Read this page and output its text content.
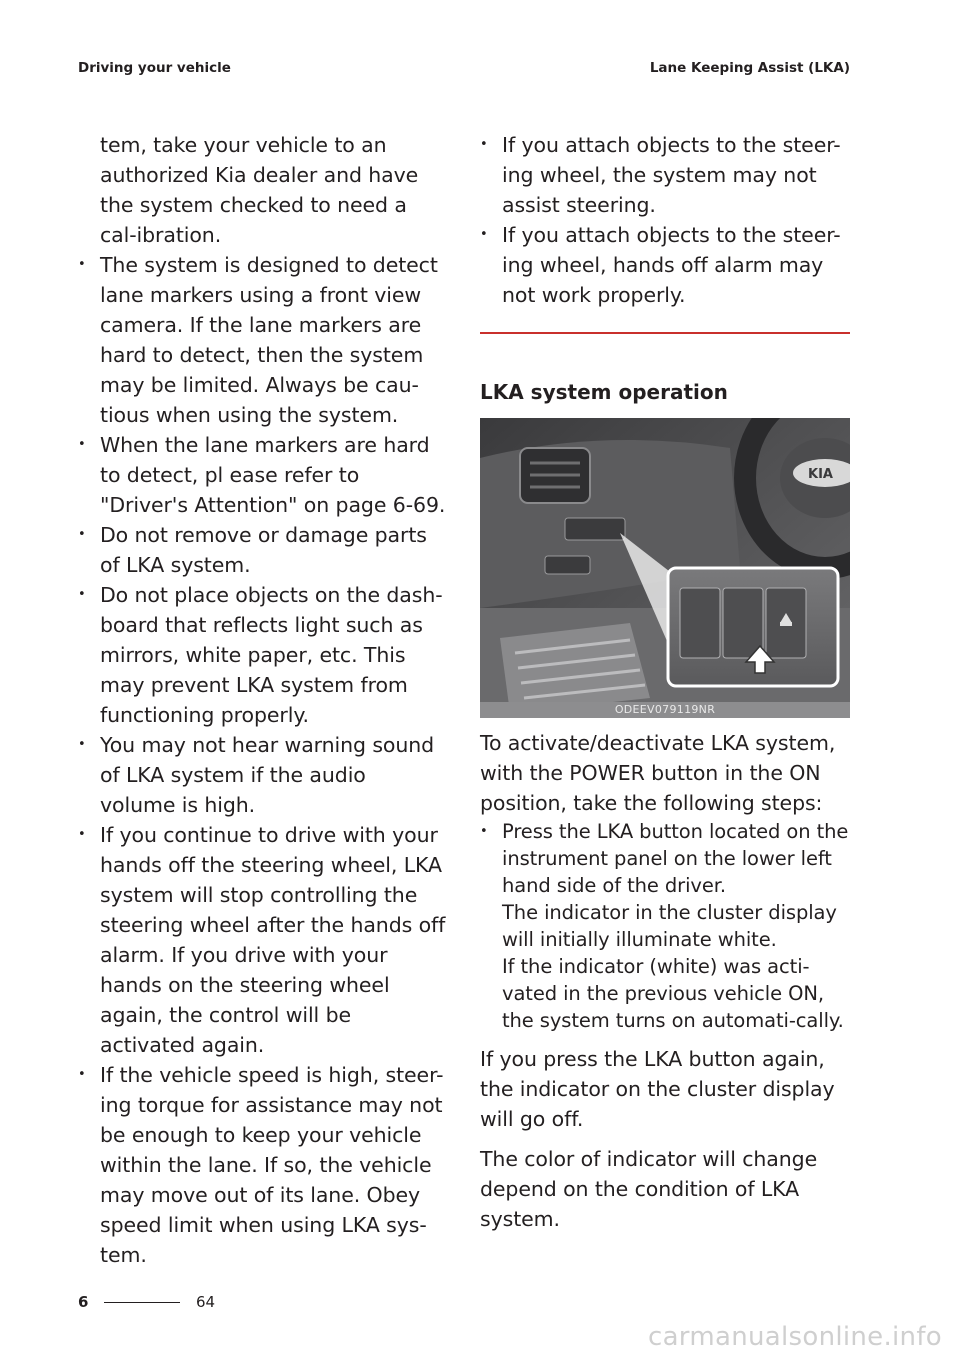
Driving your vehicle	Lane Keeping Assist (LKA)

tem, take your vehicle to an authorized Kia dealer and have the system checked to need a cal-ibration.

• The system is designed to detect lane markers using a front view camera. If the lane markers are hard to detect, then the system may be limited. Always be cau-tious when using the system.
• When the lane markers are hard to detect, pl ease refer to "Driver's Attention" on page 6-69.
• Do not remove or damage parts of LKA system.
• Do not place objects on the dash-board that reflects light such as mirrors, white paper, etc. This may prevent LKA system from functioning properly.
• You may not hear warning sound of LKA system if the audio volume is high.
• If you continue to drive with your hands off the steering wheel, LKA system will stop controlling the steering wheel after the hands off alarm. If you drive with your hands on the steering wheel again, the control will be activated again.
• If the vehicle speed is high, steer-ing torque for assistance may not be enough to keep your vehicle within the lane. If so, the vehicle may move out of its lane. Obey speed limit when using LKA sys-tem.
• If you attach objects to the steer-ing wheel, the system may not assist steering.
• If you attach objects to the steer-ing wheel, hands off alarm may not work properly.
LKA system operation
KIA
ODEEV079119NR

To activate/deactivate LKA system, with the POWER button in the ON position, take the following steps:

• Press the LKA button located on the instrument panel on the lower left hand side of the driver.
The indicator in the cluster display will initially illuminate white.
If the indicator (white) was acti-vated in the previous vehicle ON, the system turns on automati-cally.

If you press the LKA button again, the indicator on the cluster display will go off.

The color of indicator will change depend on the condition of LKA system.

6	64
carmanualsonline.info
